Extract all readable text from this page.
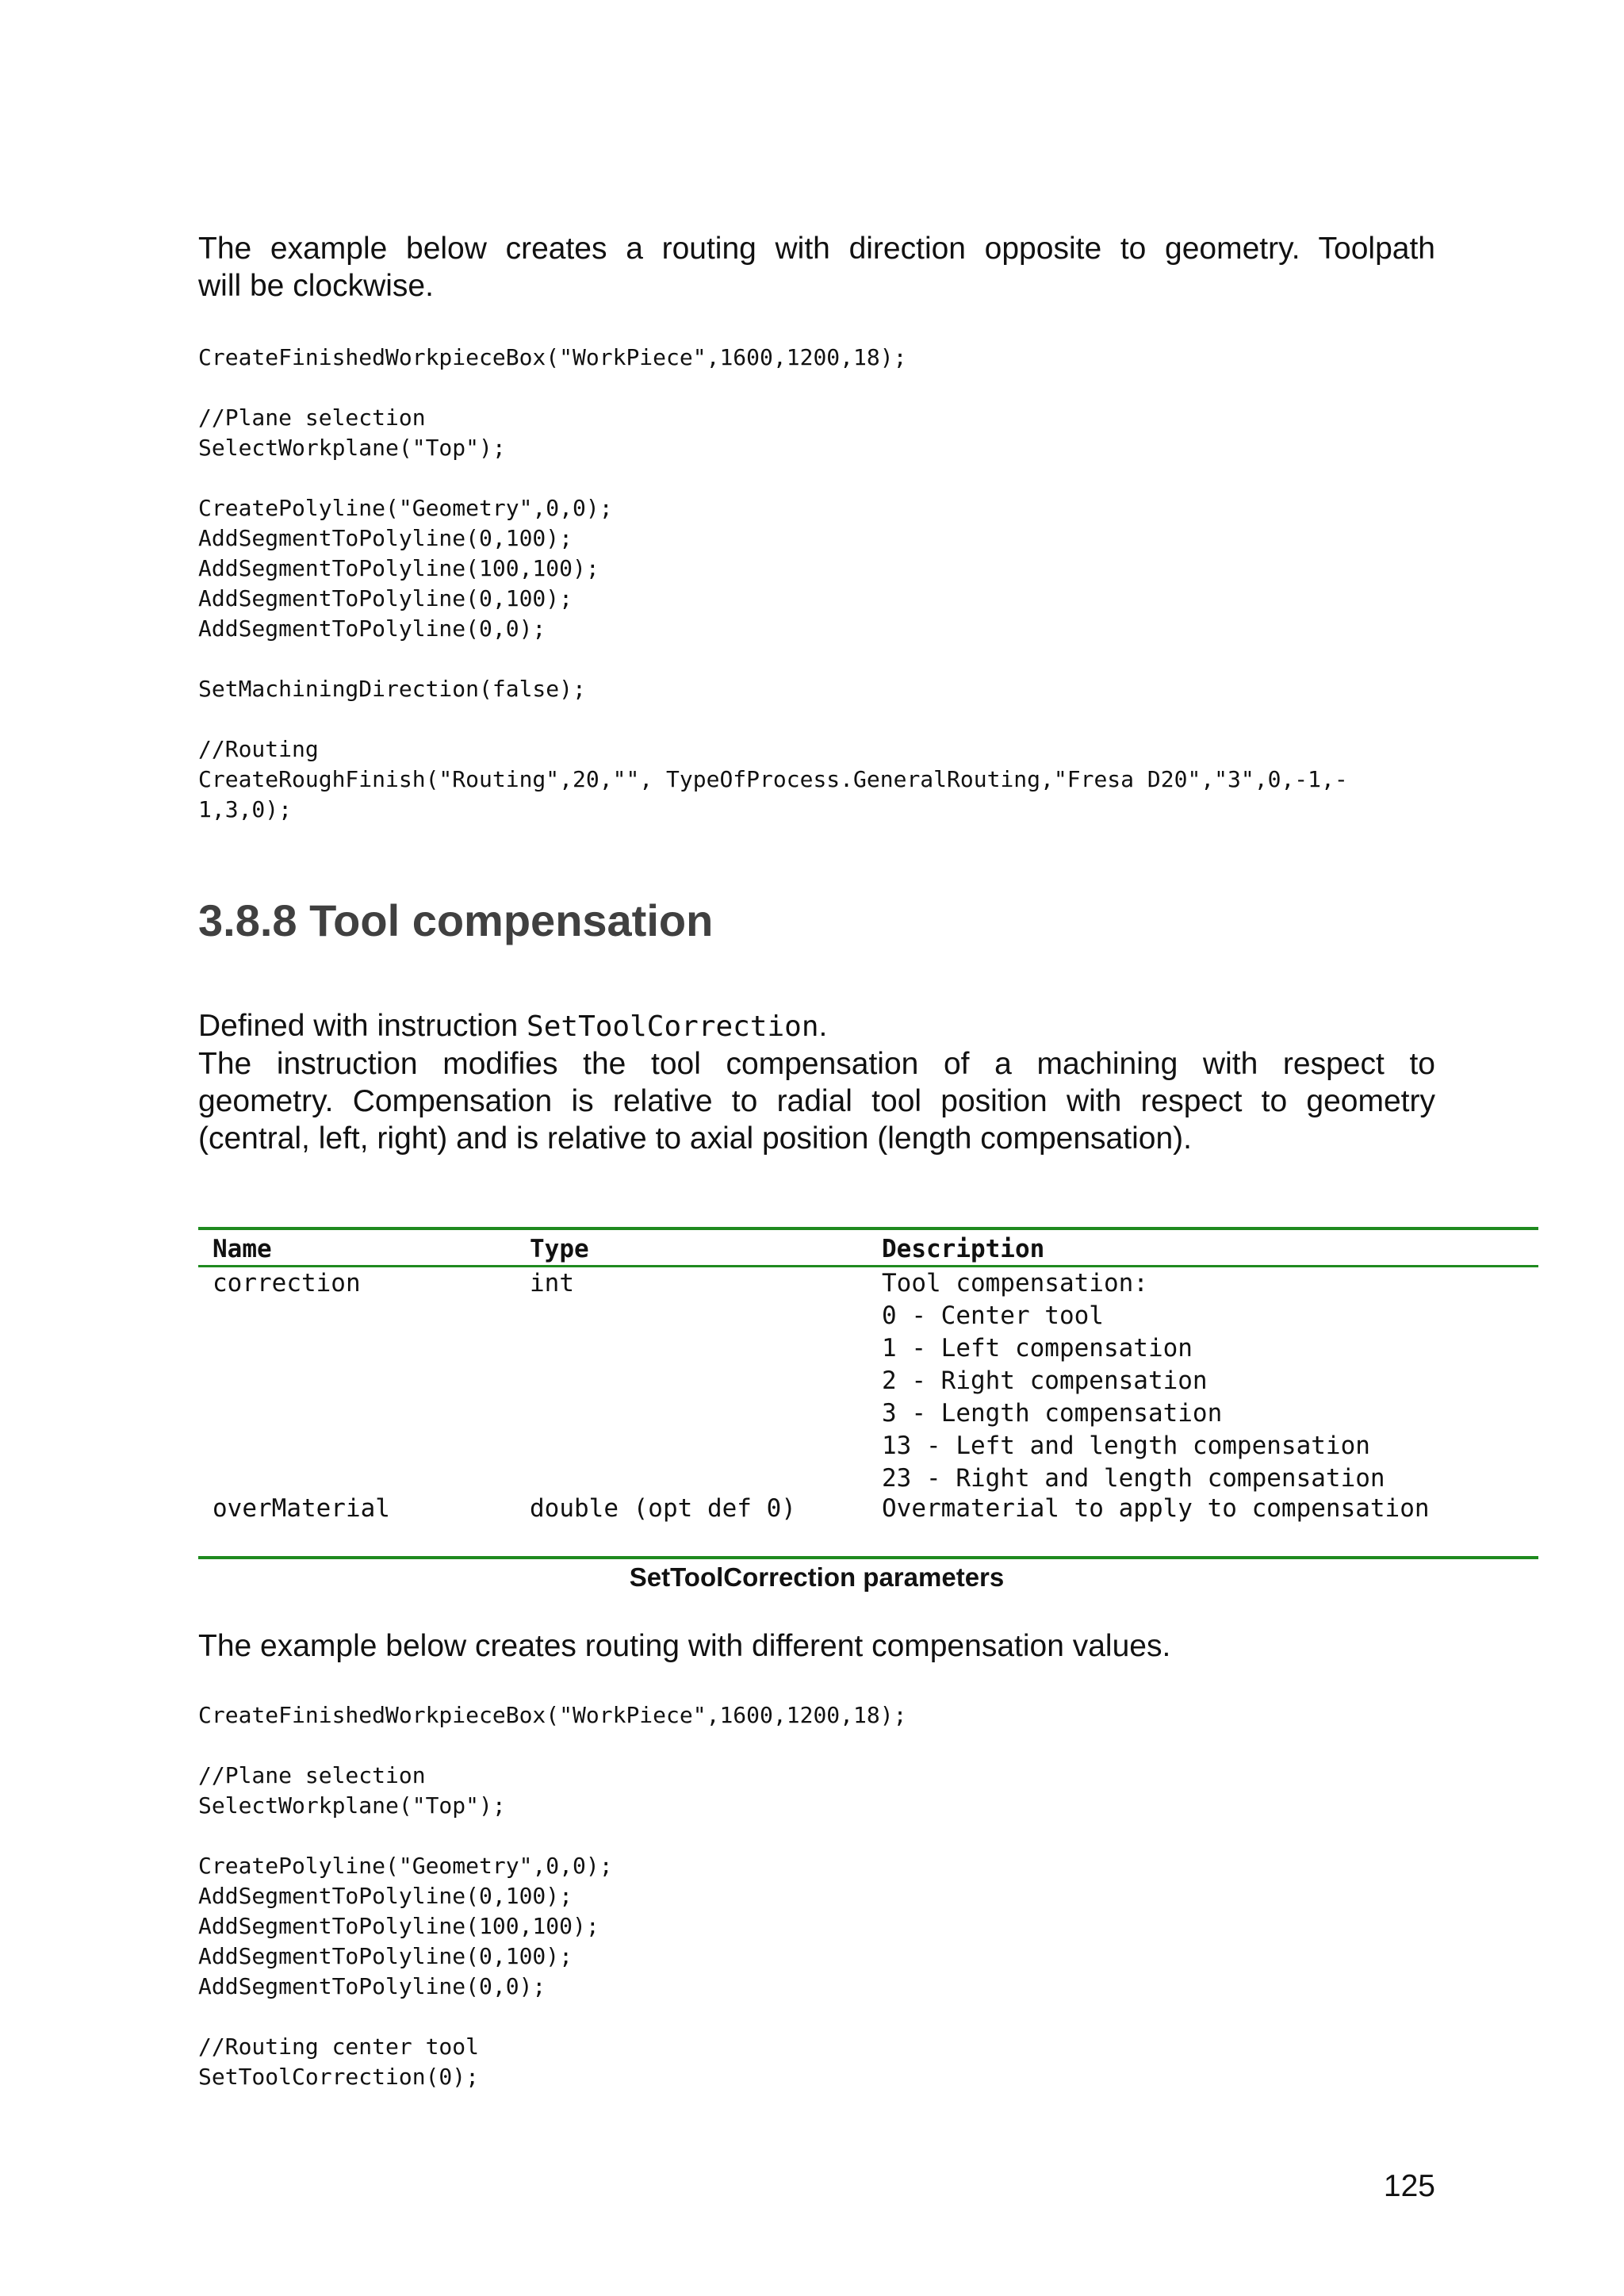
The example below creates a routing with direction opposite to geometry. Toolpath
will be clockwise.

CreateFinishedWorkpieceBox("WorkPiece",1600,1200,18);
//Plane selection
SelectWorkplane("Top");
CreatePolyline("Geometry",0,0);
AddSegmentToPolyline(0,100);
AddSegmentToPolyline(100,100);
AddSegmentToPolyline(0,100);
AddSegmentToPolyline(0,0);
SetMachiningDirection(false);
//Routing
CreateRoughFinish("Routing",20,"", TypeOfProcess.GeneralRouting,"Fresa D20","3",0,-1,-
1,3,0);
3.8.8 Tool compensation

Defined with instruction SetToolCorrection.
The instruction modifies the tool compensation of a machining with respect to
geometry. Compensation is relative to radial tool position with respect to geometry
(central, left, right) and is relative to axial position (length compensation).

Name	Type	Description
correction	int	Tool compensation:
0 - Center tool
1 - Left compensation
2 - Right compensation
3 - Length compensation
13 - Left and length compensation
23 - Right and length compensation
overMaterial	double (opt def 0)	Overmaterial to apply to compensation
SetToolCorrection parameters

The example below creates routing with different compensation values.

CreateFinishedWorkpieceBox("WorkPiece",1600,1200,18);
//Plane selection
SelectWorkplane("Top");
CreatePolyline("Geometry",0,0);
AddSegmentToPolyline(0,100);
AddSegmentToPolyline(100,100);
AddSegmentToPolyline(0,100);
AddSegmentToPolyline(0,0);
//Routing center tool
SetToolCorrection(0);
125
